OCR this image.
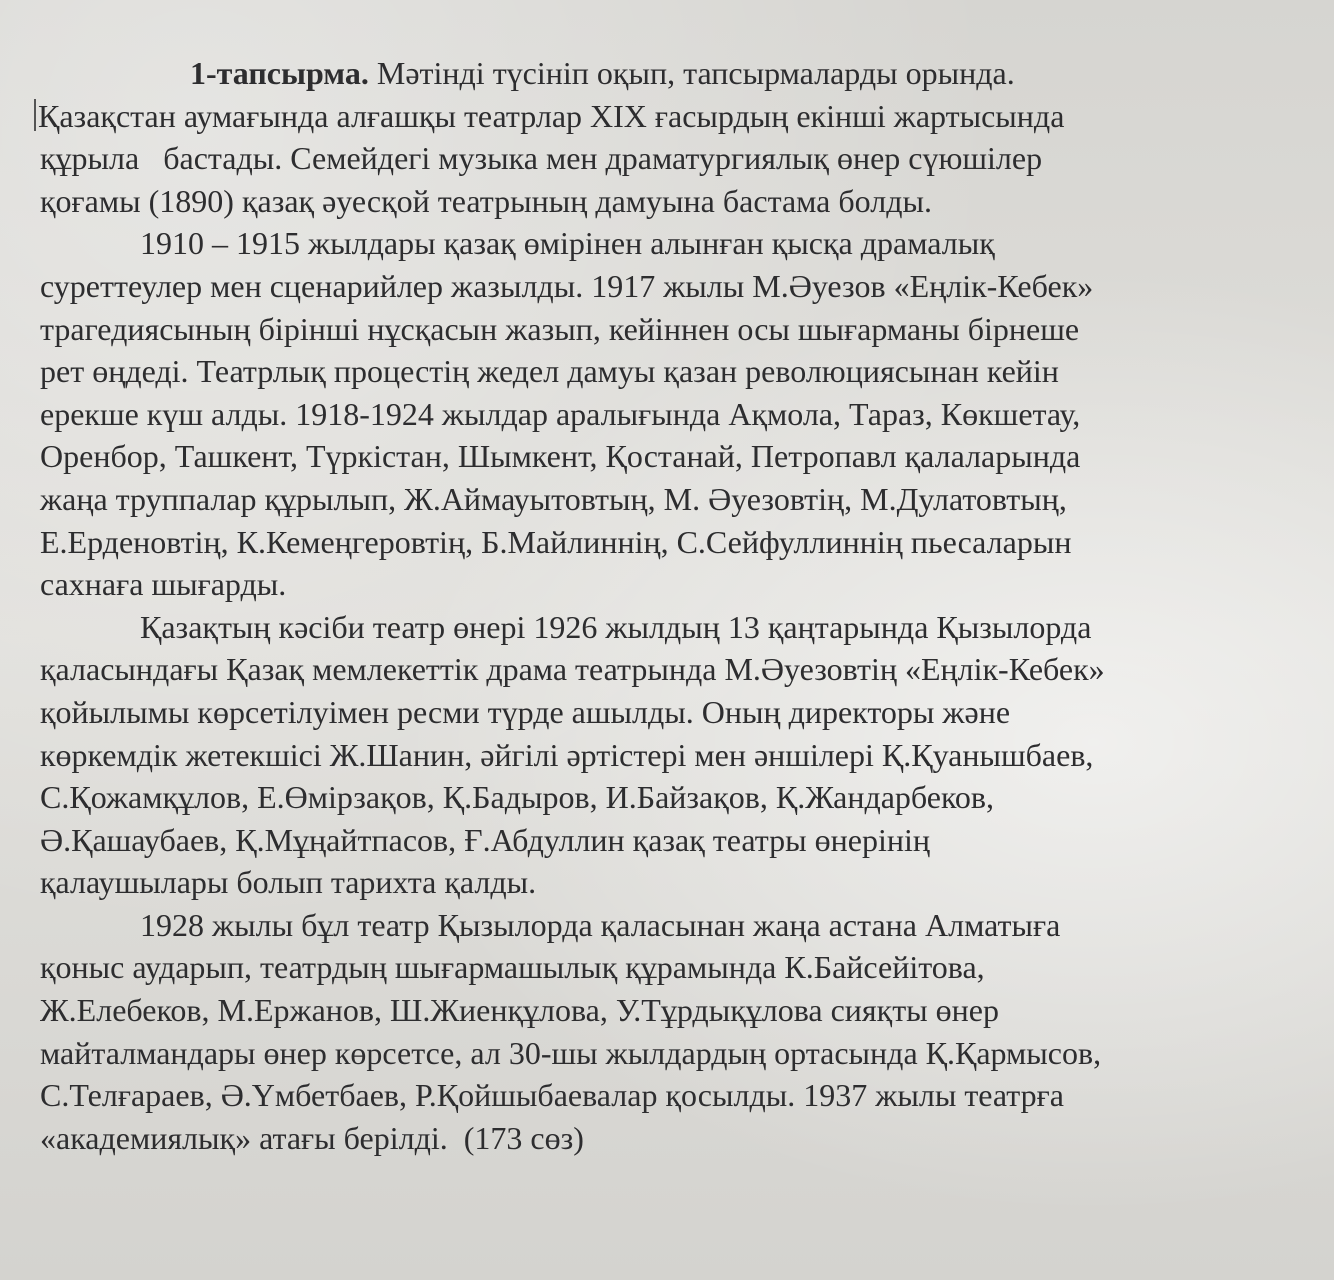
1-тапсырма. Мәтінді түсініп оқып, тапсырмаларды орында.
Қазақстан аумағында алғашқы театрлар XIX ғасырдың екінші жартысында
құрыла   бастады. Семейдегі музыка мен драматургиялық өнер сүюшілер
қоғамы (1890) қазақ әуесқой театрының дамуына бастама болды.
1910 – 1915 жылдары қазақ өмірінен алынған қысқа драмалық
суреттеулер мен сценарийлер жазылды. 1917 жылы М.Әуезов «Еңлік-Кебек»
трагедиясының бірінші нұсқасын жазып, кейіннен осы шығарманы бірнеше
рет өңдеді. Театрлық процестің жедел дамуы қазан революциясынан кейін
ерекше күш алды. 1918-1924 жылдар аралығында Ақмола, Тараз, Көкшетау,
Оренбор, Ташкент, Түркістан, Шымкент, Қостанай, Петропавл қалаларында
жаңа труппалар құрылып, Ж.Аймауытовтың, М. Әуезовтің, М.Дулатовтың,
Е.Ерденовтің, К.Кемеңгеровтің, Б.Майлиннің, С.Сейфуллиннің пьесаларын
сахнаға шығарды.
Қазақтың кәсіби театр өнері 1926 жылдың 13 қаңтарында Қызылорда
қаласындағы Қазақ мемлекеттік драма театрында М.Әуезовтің «Еңлік-Кебек»
қойылымы көрсетілуімен ресми түрде ашылды. Оның директоры және
көркемдік жетекшісі Ж.Шанин, әйгілі әртістері мен әншілері Қ.Қуанышбаев,
С.Қожамқұлов, Е.Өмірзақов, Қ.Бадыров, И.Байзақов, Қ.Жандарбеков,
Ә.Қашаубаев, Қ.Мұңайтпасов, Ғ.Абдуллин қазақ театры өнерінің
қалаушылары болып тарихта қалды.
1928 жылы бұл театр Қызылорда қаласынан жаңа астана Алматыға
қоныс аударып, театрдың шығармашылық құрамында К.Байсейітова,
Ж.Елебеков, М.Ержанов, Ш.Жиенқұлова, У.Тұрдықұлова сияқты өнер
майталмандары өнер көрсетсе, ал 30-шы жылдардың ортасында Қ.Қармысов,
С.Телғараев, Ә.Үмбетбаев, Р.Қойшыбаевалар қосылды. 1937 жылы театрға
«академиялық» атағы берілді.  (173 сөз)
